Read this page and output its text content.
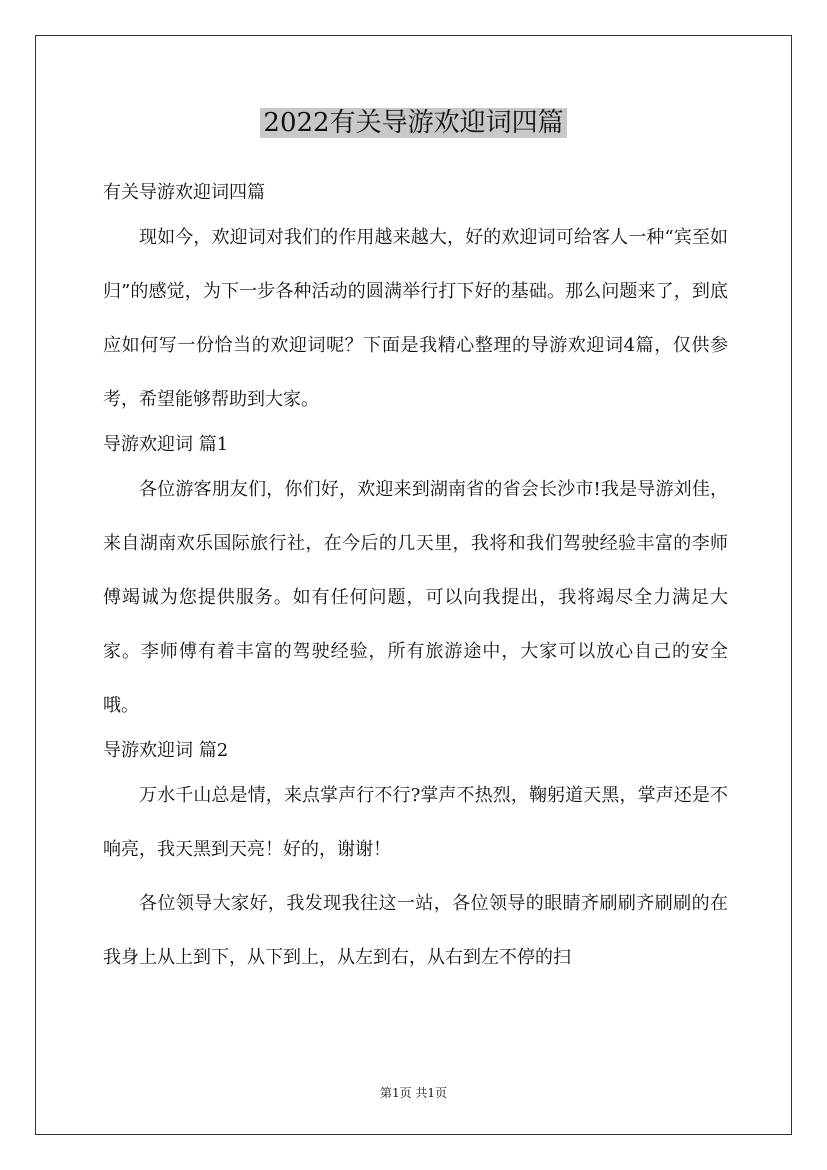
2022有关导游欢迎词四篇

有关导游欢迎词四篇

现如今，欢迎词对我们的作用越来越大，好的欢迎词可给客人一种“宾至如归”的感觉，为下一步各种活动的圆满举行打下好的基础。那么问题来了，到底应如何写一份恰当的欢迎词呢？下面是我精心整理的导游欢迎词4篇，仅供参考，希望能够帮助到大家。

导游欢迎词 篇1

各位游客朋友们，你们好，欢迎来到湖南省的省会长沙市!我是导游刘佳，来自湖南欢乐国际旅行社，在今后的几天里，我将和我们驾驶经验丰富的李师傅竭诚为您提供服务。如有任何问题，可以向我提出，我将竭尽全力满足大家。李师傅有着丰富的驾驶经验，所有旅游途中，大家可以放心自己的安全哦。

导游欢迎词 篇2

万水千山总是情，来点掌声行不行?掌声不热烈，鞠躬道天黑，掌声还是不响亮，我天黑到天亮！好的，谢谢！

各位领导大家好，我发现我往这一站，各位领导的眼睛齐刷刷齐刷刷的在我身上从上到下，从下到上，从左到右，从右到左不停的扫

第1页 共1页
